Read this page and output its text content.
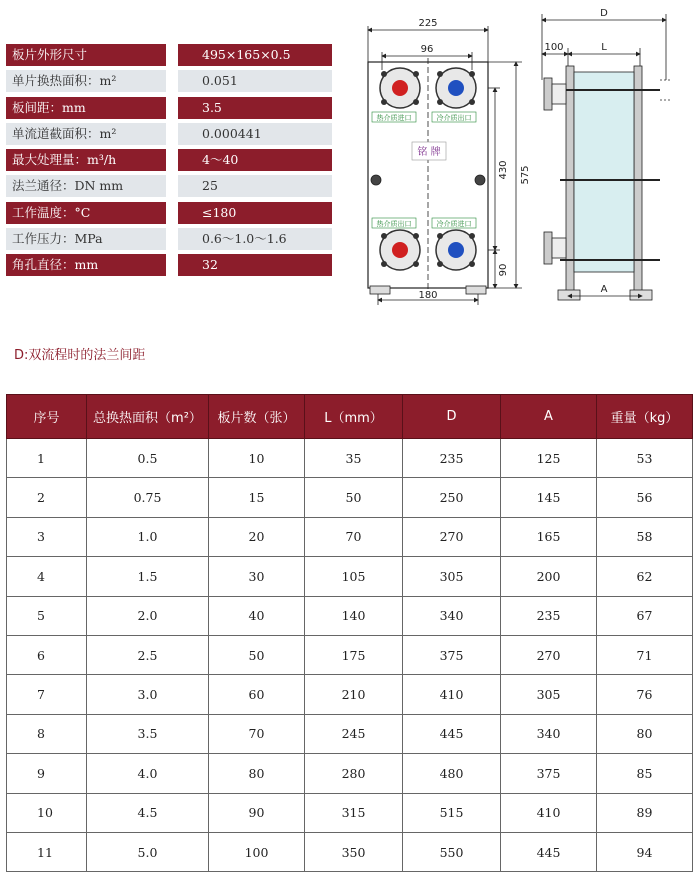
板片外形尺寸	495×165×0.5
单片换热面积：m²	0.051
板间距：mm	3.5
单流道截面积：m²	0.000441
最大处理量：m³/h	4～40
法兰通径：DN mm	25
工作温度：°C	≤180
工作压力：MPa	0.6～1.0～1.6
角孔直径：mm	32
热介质进口	冷介质出口
热介质出口	冷介质进口
铭 牌
225
96
575
430
90
180
D
100	L
A
D:双流程时的法兰间距
序号	总换热面积（m²）	板片数（张）	L（mm）	D	A	重量（kg）
1	0.5	10	35	235	125	53
2	0.75	15	50	250	145	56
3	1.0	20	70	270	165	58
4	1.5	30	105	305	200	62
5	2.0	40	140	340	235	67
6	2.5	50	175	375	270	71
7	3.0	60	210	410	305	76
8	3.5	70	245	445	340	80
9	4.0	80	280	480	375	85
10	4.5	90	315	515	410	89
11	5.0	100	350	550	445	94
